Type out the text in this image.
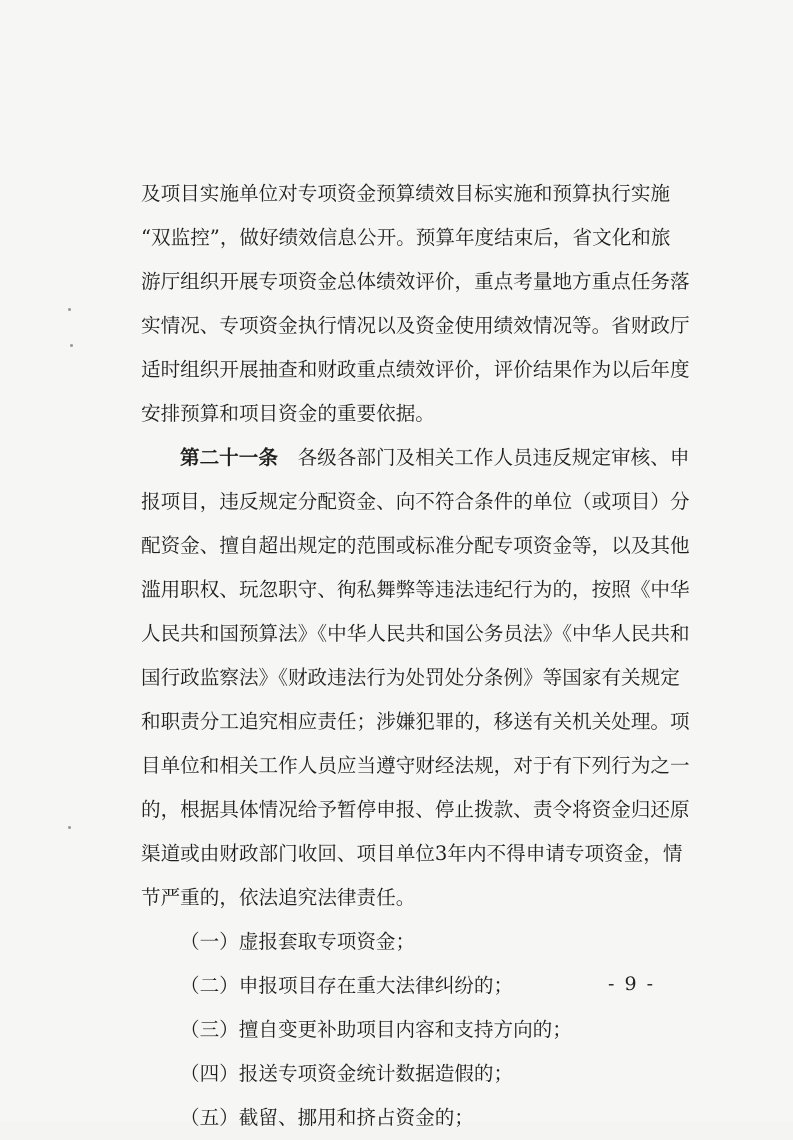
及项目实施单位对专项资金预算绩效目标实施和预算执行实施
“双监控”，做好绩效信息公开。预算年度结束后，省文化和旅
游厅组织开展专项资金总体绩效评价，重点考量地方重点任务落
实情况、专项资金执行情况以及资金使用绩效情况等。省财政厅
适时组织开展抽查和财政重点绩效评价，评价结果作为以后年度
安排预算和项目资金的重要依据。
第二十一条　 各级各部门及相关工作人员违反规定审核、申
报项目，违反规定分配资金、向不符合条件的单位（或项目）分
配资金、擅自超出规定的范围或标准分配专项资金等，以及其他
滥用职权、玩忽职守、徇私舞弊等违法违纪行为的，按照《中华
人民共和国预算法》《中华人民共和国公务员法》《中华人民共和
国行政监察法》《财政违法行为处罚处分条例》等国家有关规定
和职责分工追究相应责任；涉嫌犯罪的，移送有关机关处理。项
目单位和相关工作人员应当遵守财经法规，对于有下列行为之一
的，根据具体情况给予暂停申报、停止拨款、责令将资金归还原
渠道或由财政部门收回、项目单位3年内不得申请专项资金，情
节严重的，依法追究法律责任。
（一）虚报套取专项资金；
（二）申报项目存在重大法律纠纷的；
（三）擅自变更补助项目内容和支持方向的；
（四）报送专项资金统计数据造假的；
（五）截留、挪用和挤占资金的；
- 9 -
